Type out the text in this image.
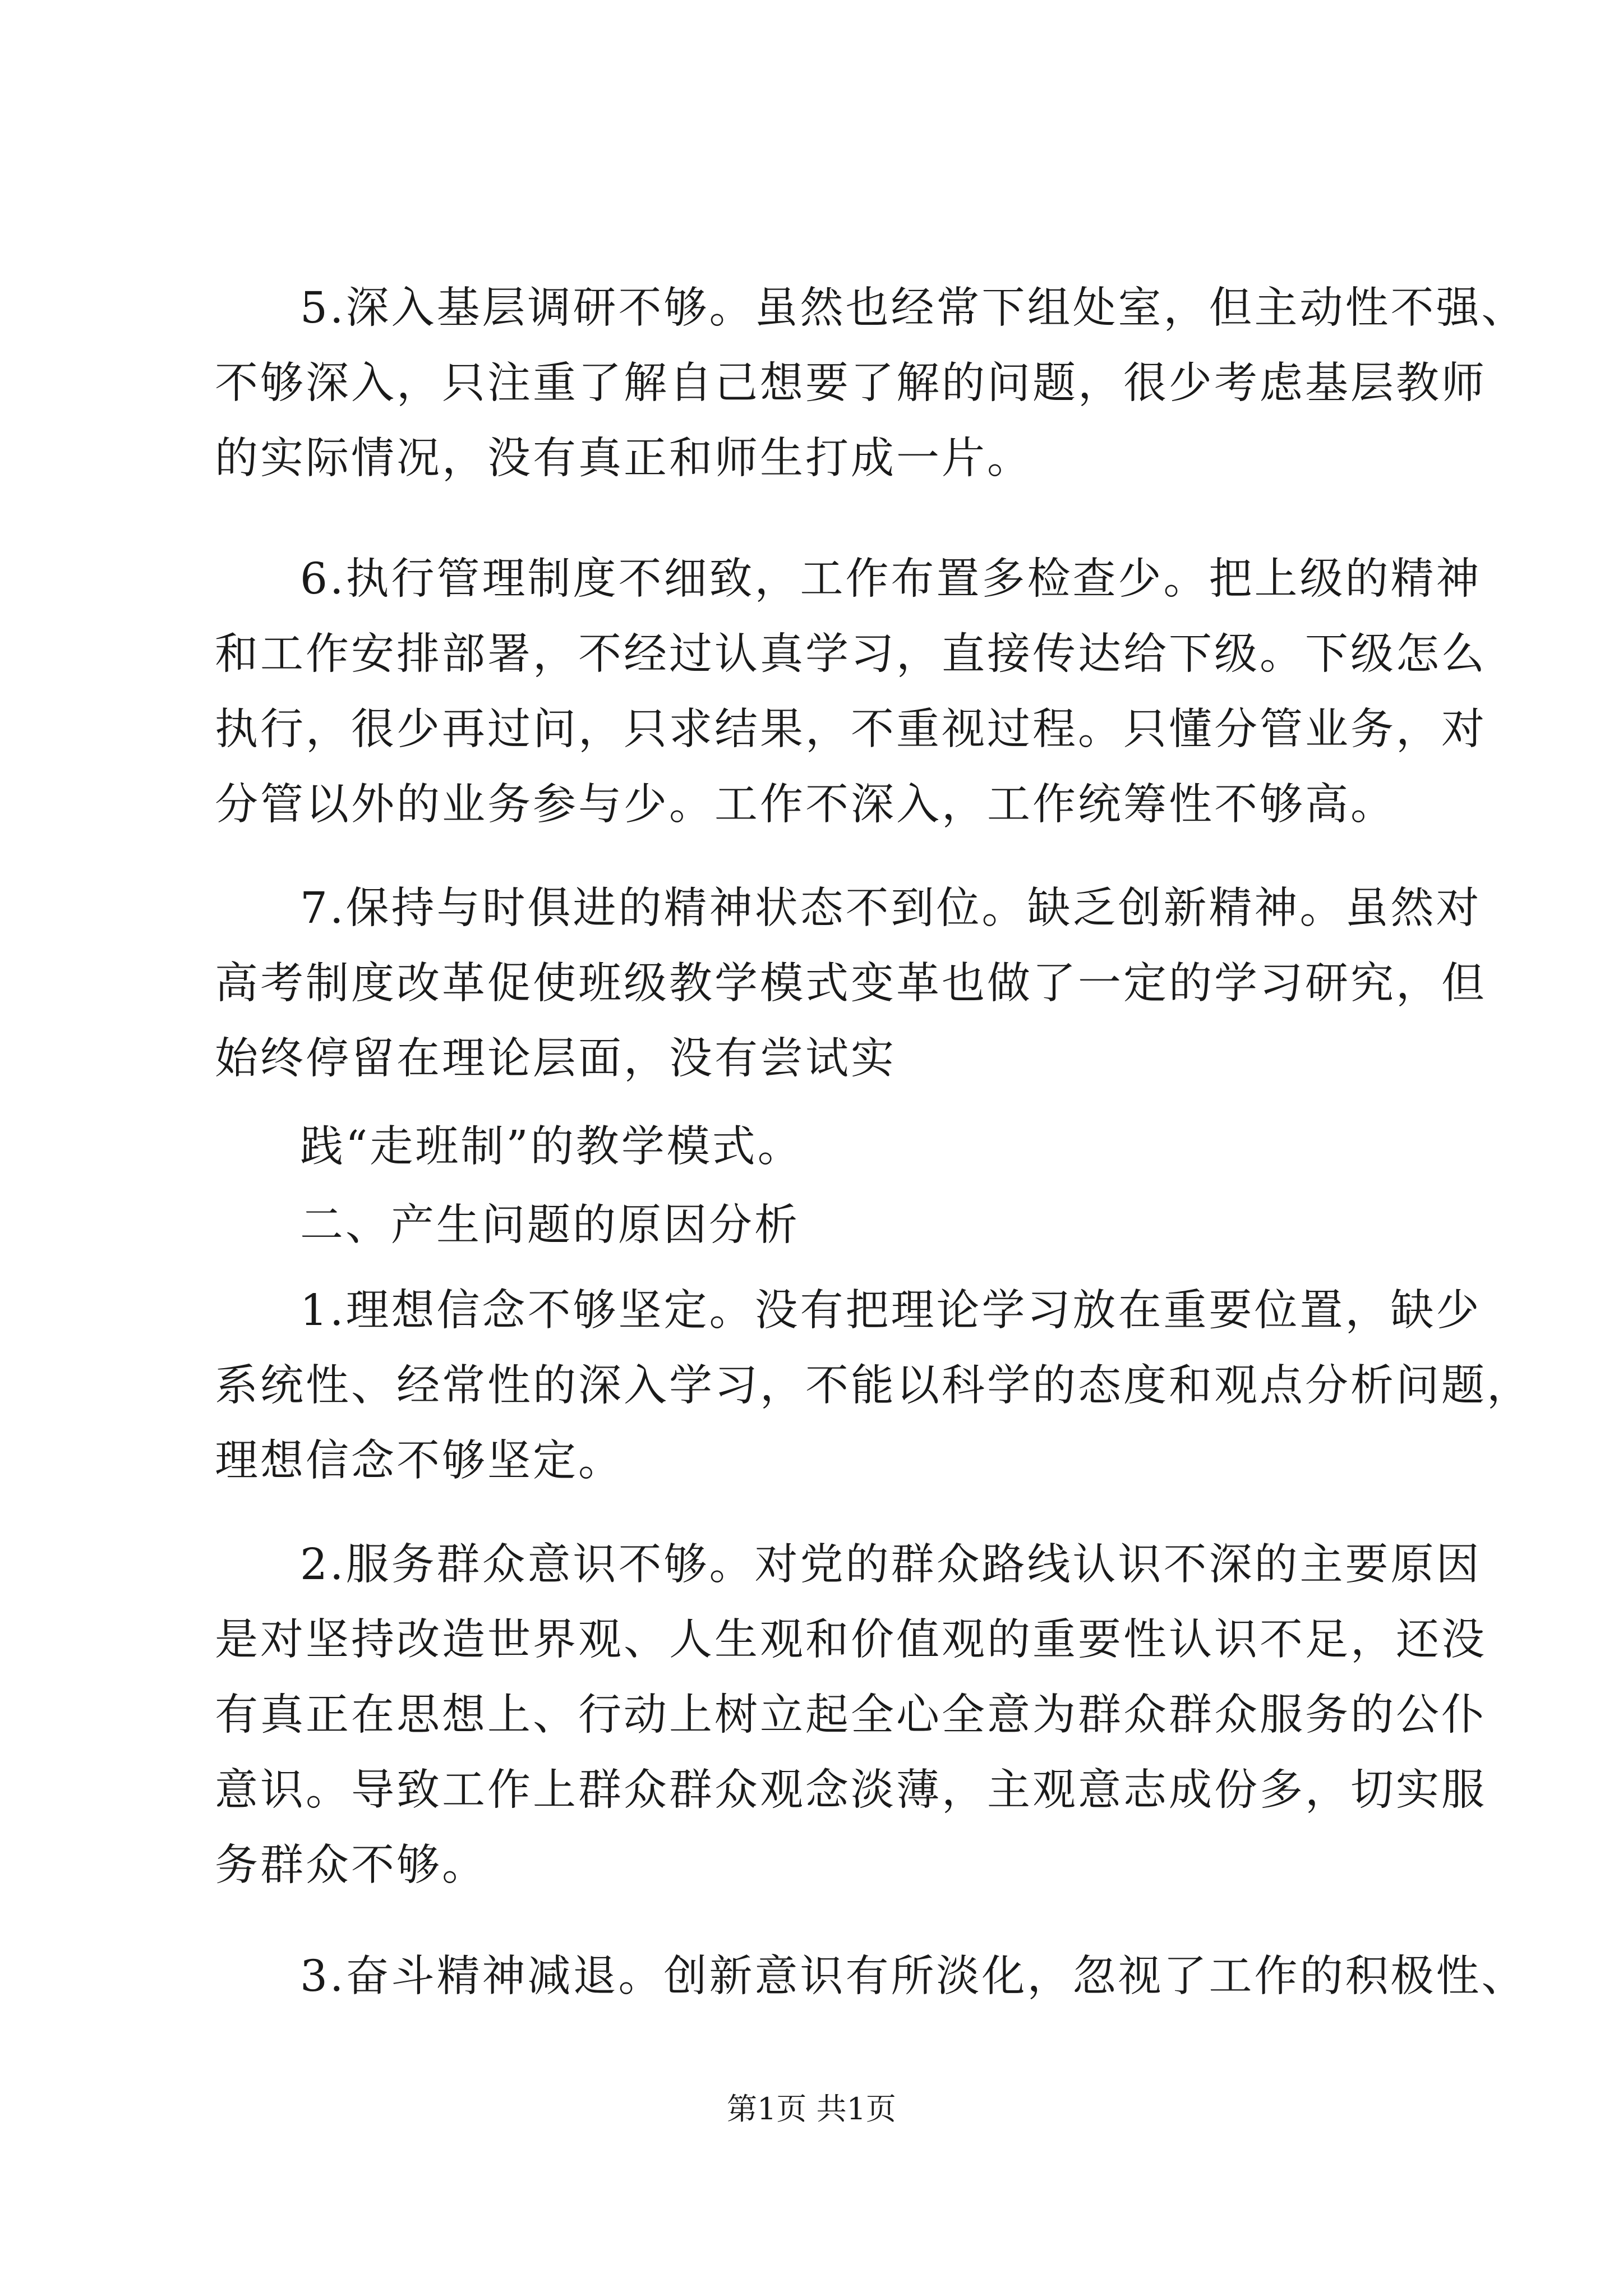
5.深入基层调研不够。虽然也经常下组处室，但主动性不强、
不够深入，只注重了解自己想要了解的问题，很少考虑基层教师
的实际情况，没有真正和师生打成一片。
6.执行管理制度不细致，工作布置多检查少。把上级的精神
和工作安排部署，不经过认真学习，直接传达给下级。下级怎么
执行，很少再过问，只求结果，不重视过程。只懂分管业务，对
分管以外的业务参与少。工作不深入，工作统筹性不够高。
7.保持与时俱进的精神状态不到位。缺乏创新精神。虽然对
高考制度改革促使班级教学模式变革也做了一定的学习研究，但
始终停留在理论层面，没有尝试实
践“走班制”的教学模式。
二、产生问题的原因分析
1.理想信念不够坚定。没有把理论学习放在重要位置，缺少
系统性、经常性的深入学习，不能以科学的态度和观点分析问题，
理想信念不够坚定。
2.服务群众意识不够。对党的群众路线认识不深的主要原因
是对坚持改造世界观、人生观和价值观的重要性认识不足，还没
有真正在思想上、行动上树立起全心全意为群众群众服务的公仆
意识。导致工作上群众群众观念淡薄，主观意志成份多，切实服
务群众不够。
3.奋斗精神减退。创新意识有所淡化，忽视了工作的积极性、
第1页 共1页
